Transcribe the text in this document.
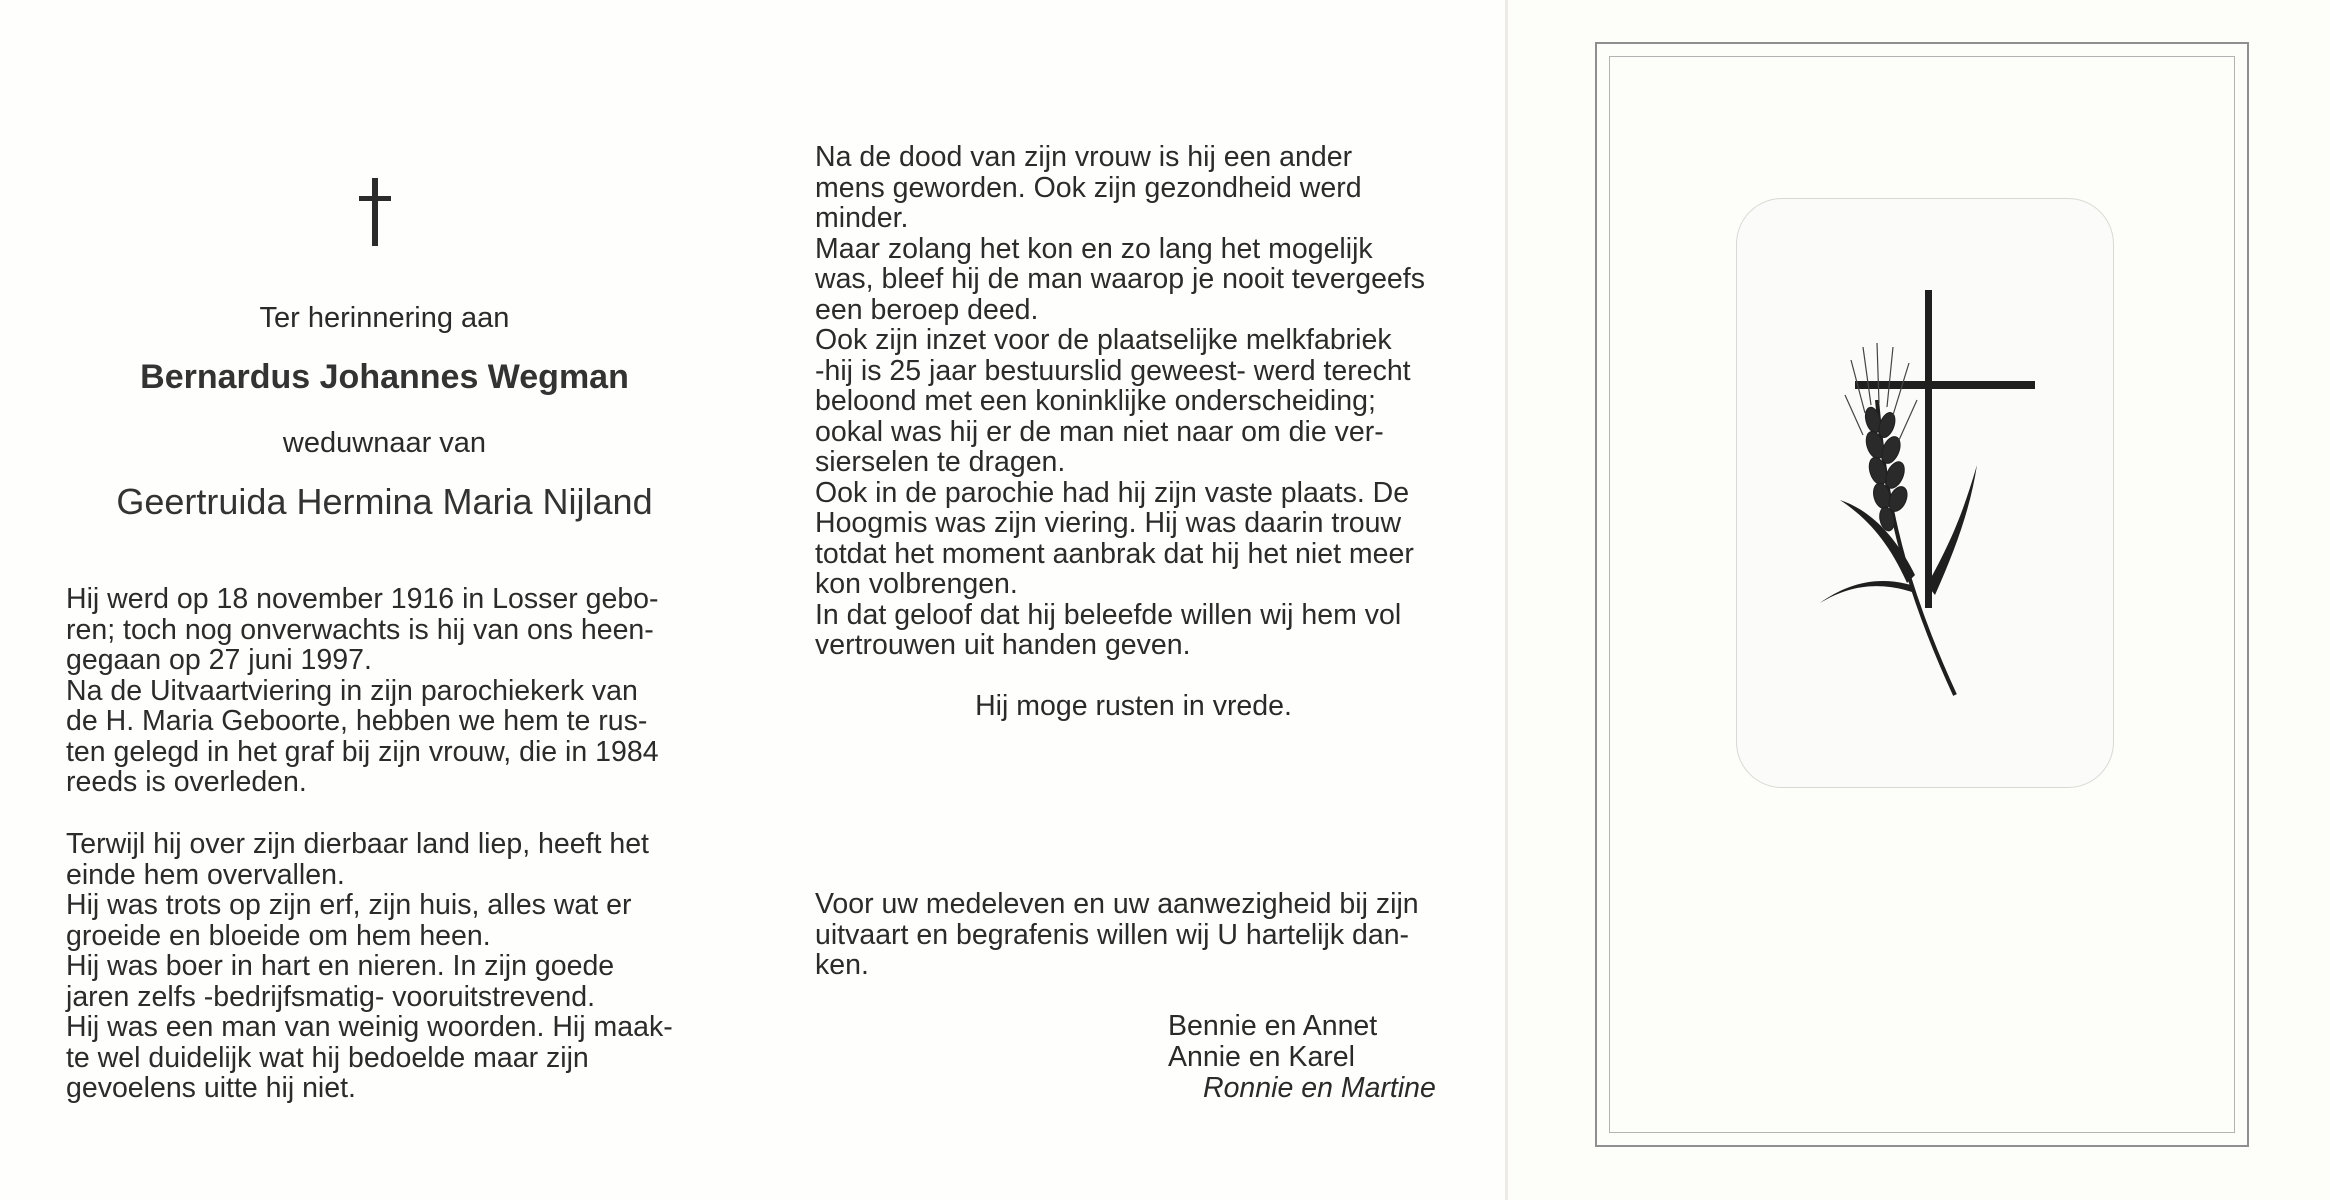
Ter herinnering aan
Bernardus Johannes Wegman
weduwnaar van
Geertruida Hermina Maria Nijland
Hij werd op 18 november 1916 in Losser gebo-
ren; toch nog onverwachts is hij van ons heen-
gegaan op 27 juni 1997.
Na de Uitvaartviering in zijn parochiekerk van
de H. Maria Geboorte, hebben we hem te rus-
ten gelegd in het graf bij zijn vrouw, die in 1984
reeds is overleden.
Terwijl hij over zijn dierbaar land liep, heeft het
einde hem overvallen.
Hij was trots op zijn erf, zijn huis, alles wat er
groeide en bloeide om hem heen.
Hij was boer in hart en nieren. In zijn goede
jaren zelfs -bedrijfsmatig- vooruitstrevend.
Hij was een man van weinig woorden. Hij maak-
te wel duidelijk wat hij bedoelde maar zijn
gevoelens uitte hij niet.
Na de dood van zijn vrouw is hij een ander
mens geworden. Ook zijn gezondheid werd
minder.
Maar zolang het kon en zo lang het mogelijk
was, bleef hij de man waarop je nooit tevergeefs
een beroep deed.
Ook zijn inzet voor de plaatselijke melkfabriek
-hij is 25 jaar bestuurslid geweest- werd terecht
beloond met een koninklijke onderscheiding;
ookal was hij er de man niet naar om die ver-
sierselen te dragen.
Ook in de parochie had hij zijn vaste plaats. De
Hoogmis was zijn viering. Hij was daarin trouw
totdat het moment aanbrak dat hij het niet meer
kon volbrengen.
In dat geloof dat hij beleefde willen wij hem vol
vertrouwen uit handen geven.
Hij moge rusten in vrede.
Voor uw medeleven en uw aanwezigheid bij zijn
uitvaart en begrafenis willen wij U hartelijk dan-
ken.
Bennie en Annet
Annie en Karel
Ronnie en Martine
